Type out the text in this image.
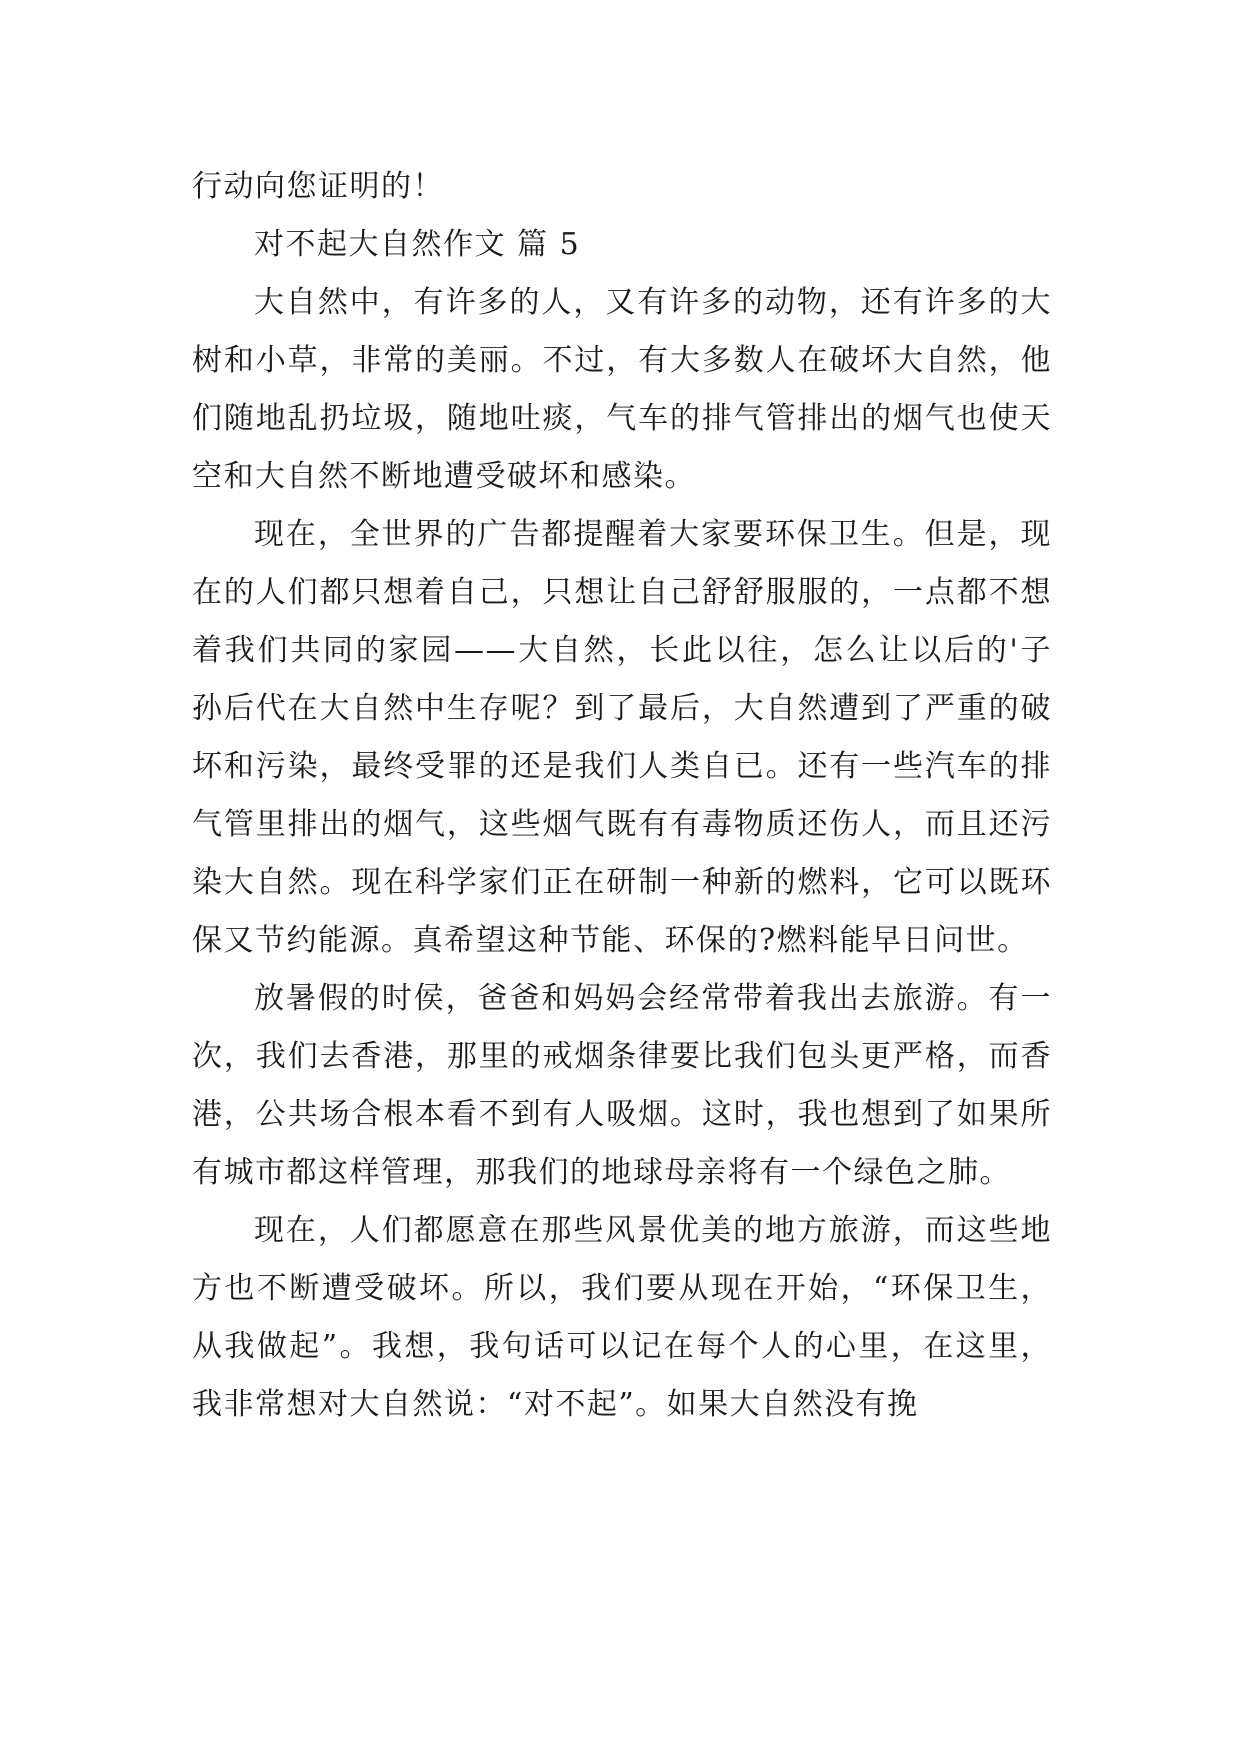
行动向您证明的！

对不起大自然作文 篇 5

大自然中，有许多的人，又有许多的动物，还有许多的大树和小草，非常的美丽。不过，有大多数人在破坏大自然，他们随地乱扔垃圾，随地吐痰，气车的排气管排出的烟气也使天空和大自然不断地遭受破坏和感染。

现在，全世界的广告都提醒着大家要环保卫生。但是，现在的人们都只想着自己，只想让自己舒舒服服的，一点都不想着我们共同的家园——大自然，长此以往，怎么让以后的'子孙后代在大自然中生存呢？到了最后，大自然遭到了严重的破坏和污染，最终受罪的还是我们人类自已。还有一些汽车的排气管里排出的烟气，这些烟气既有有毒物质还伤人，而且还污染大自然。现在科学家们正在研制一种新的燃料，它可以既环保又节约能源。真希望这种节能、环保的?燃料能早日问世。

放暑假的时侯，爸爸和妈妈会经常带着我出去旅游。有一次，我们去香港，那里的戒烟条律要比我们包头更严格，而香港，公共场合根本看不到有人吸烟。这时，我也想到了如果所有城市都这样管理，那我们的地球母亲将有一个绿色之肺。

现在，人们都愿意在那些风景优美的地方旅游，而这些地方也不断遭受破坏。所以，我们要从现在开始，“环保卫生，从我做起”。我想，我句话可以记在每个人的心里，在这里，我非常想对大自然说：“对不起”。如果大自然没有挽
